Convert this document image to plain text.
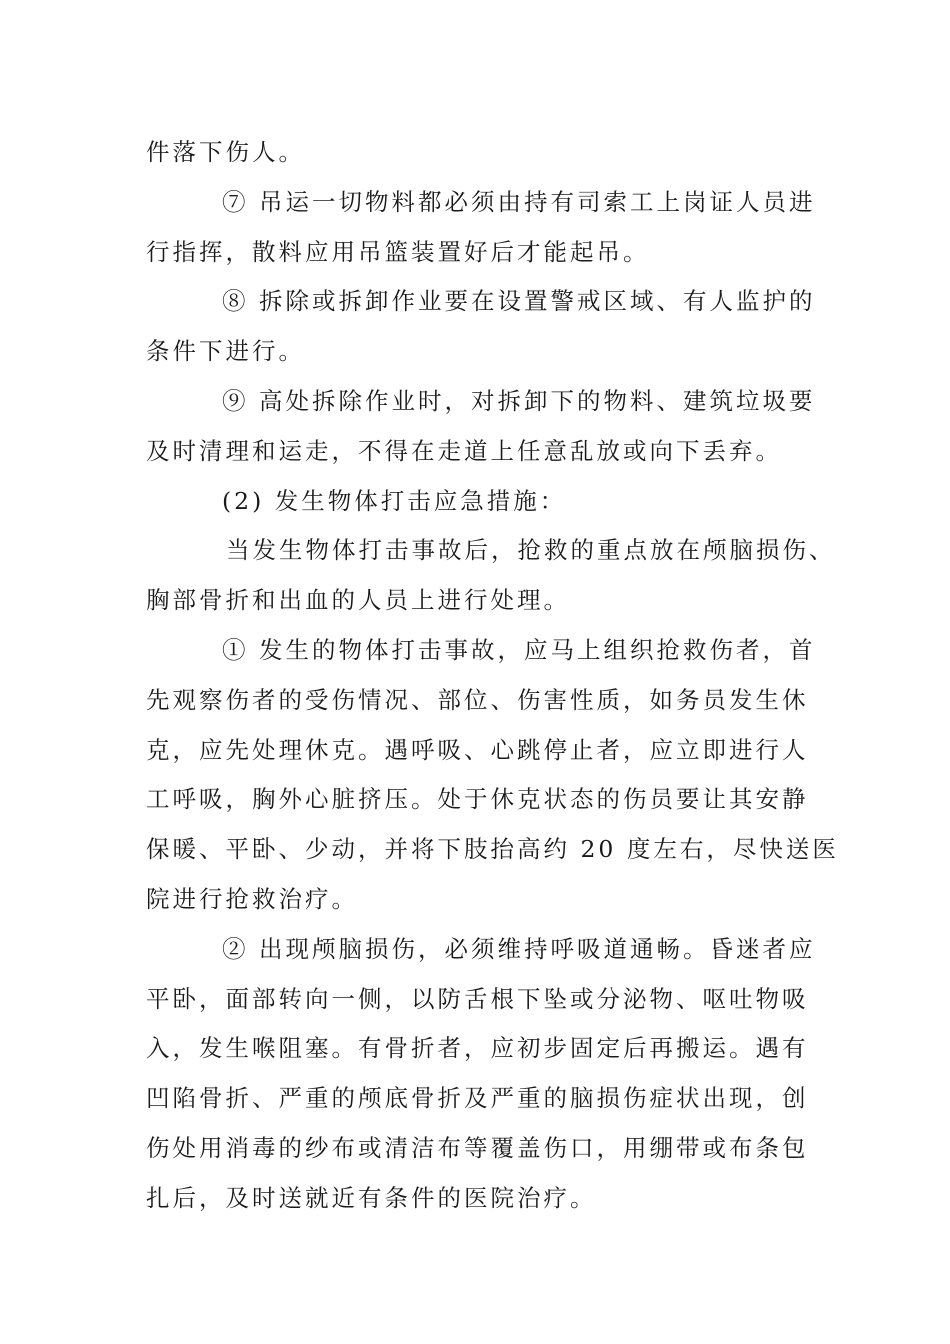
件落下伤人。
⑦ 吊运一切物料都必须由持有司索工上岗证人员进
行指挥，散料应用吊篮装置好后才能起吊。
⑧ 拆除或拆卸作业要在设置警戒区域、有人监护的
条件下进行。
⑨ 高处拆除作业时，对拆卸下的物料、建筑垃圾要
及时清理和运走，不得在走道上任意乱放或向下丢弃。
(2) 发生物体打击应急措施：
当发生物体打击事故后，抢救的重点放在颅脑损伤、
胸部骨折和出血的人员上进行处理。
① 发生的物体打击事故，应马上组织抢救伤者，首
先观察伤者的受伤情况、部位、伤害性质，如务员发生休
克，应先处理休克。遇呼吸、心跳停止者，应立即进行人
工呼吸，胸外心脏挤压。处于休克状态的伤员要让其安静
保暖、平卧、少动，并将下肢抬高约 20 度左右，尽快送医
院进行抢救治疗。
② 出现颅脑损伤，必须维持呼吸道通畅。昏迷者应
平卧，面部转向一侧，以防舌根下坠或分泌物、呕吐物吸
入，发生喉阻塞。有骨折者，应初步固定后再搬运。遇有
凹陷骨折、严重的颅底骨折及严重的脑损伤症状出现，创
伤处用消毒的纱布或清洁布等覆盖伤口，用绷带或布条包
扎后，及时送就近有条件的医院治疗。
